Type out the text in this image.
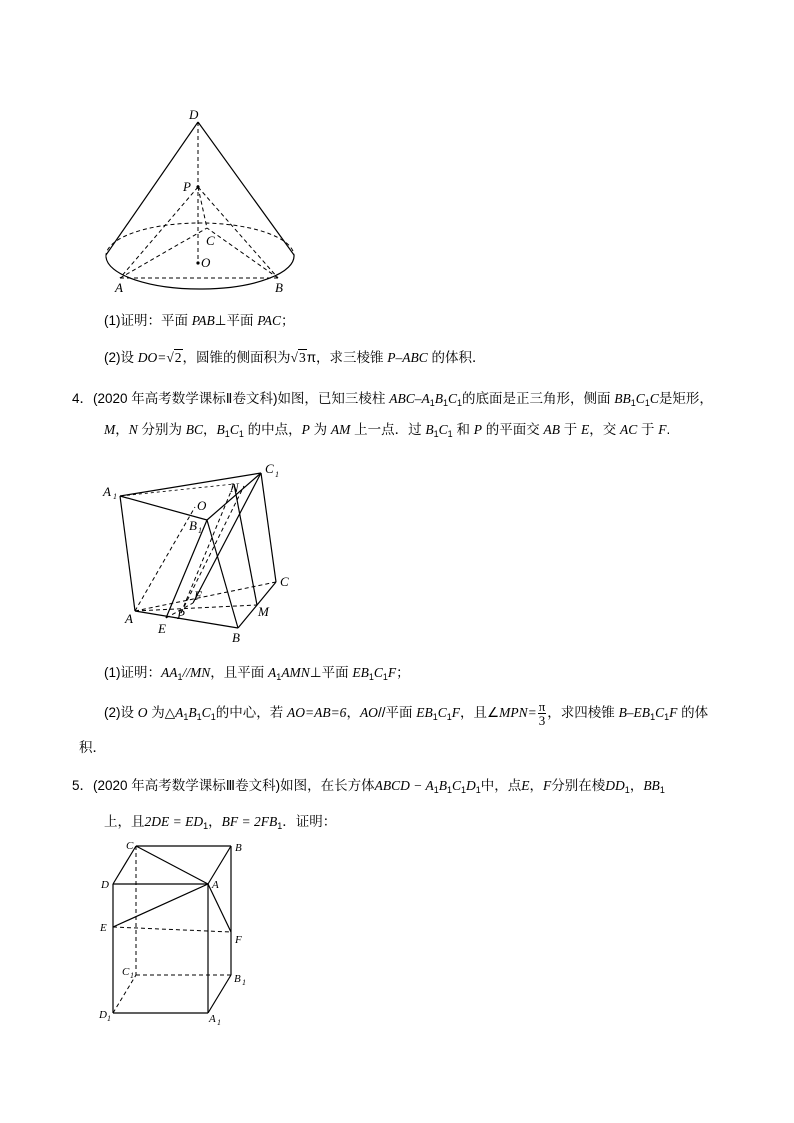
D
P
C
O
A	B
(1)证明：平面 PAB⊥平面 PAC；
(2)设 DO=√2，圆锥的侧面积为√3π，求三棱锥 P–ABC 的体积．
4．(2020 年高考数学课标Ⅱ卷文科)如图，已知三棱柱 ABC–$A_1B_1C_1$的底面是正三角形，侧面 $BB_1C_1C$是矩形，
M，N 分别为 BC，$B_1C_1$ 的中点，P 为 AM 上一点．过 $B_1C_1$ 和 P 的平面交 AB 于 E，交 AC 于 F.
A 1
C 1
O
N
B 1
C
F
A	P
E
M
B
(1)证明：$AA_1//MN$，且平面 $A_1AMN\perp$平面 $EB_1C_1F$；
(2)设 O 为$\triangle A_1B_1C_1$的中心，若 AO=AB=6，AO//平面 $EB_1C_1F$，且∠MPN= $\frac{\pi}{3}$ ，求四棱锥 $B-EB_1C_1F$ 的体
积．
5．(2020 年高考数学课标Ⅲ卷文科)如图，在长方体ABCD − $A_1B_1C_1D_1$中，点E，F分别在棱$DD_1$，$BB_1$
上，且$2DE = ED_1$，BF = $2FB_1$．证明：
C	B
D	A
E
F
C 1	B 1
D 1	A 1
